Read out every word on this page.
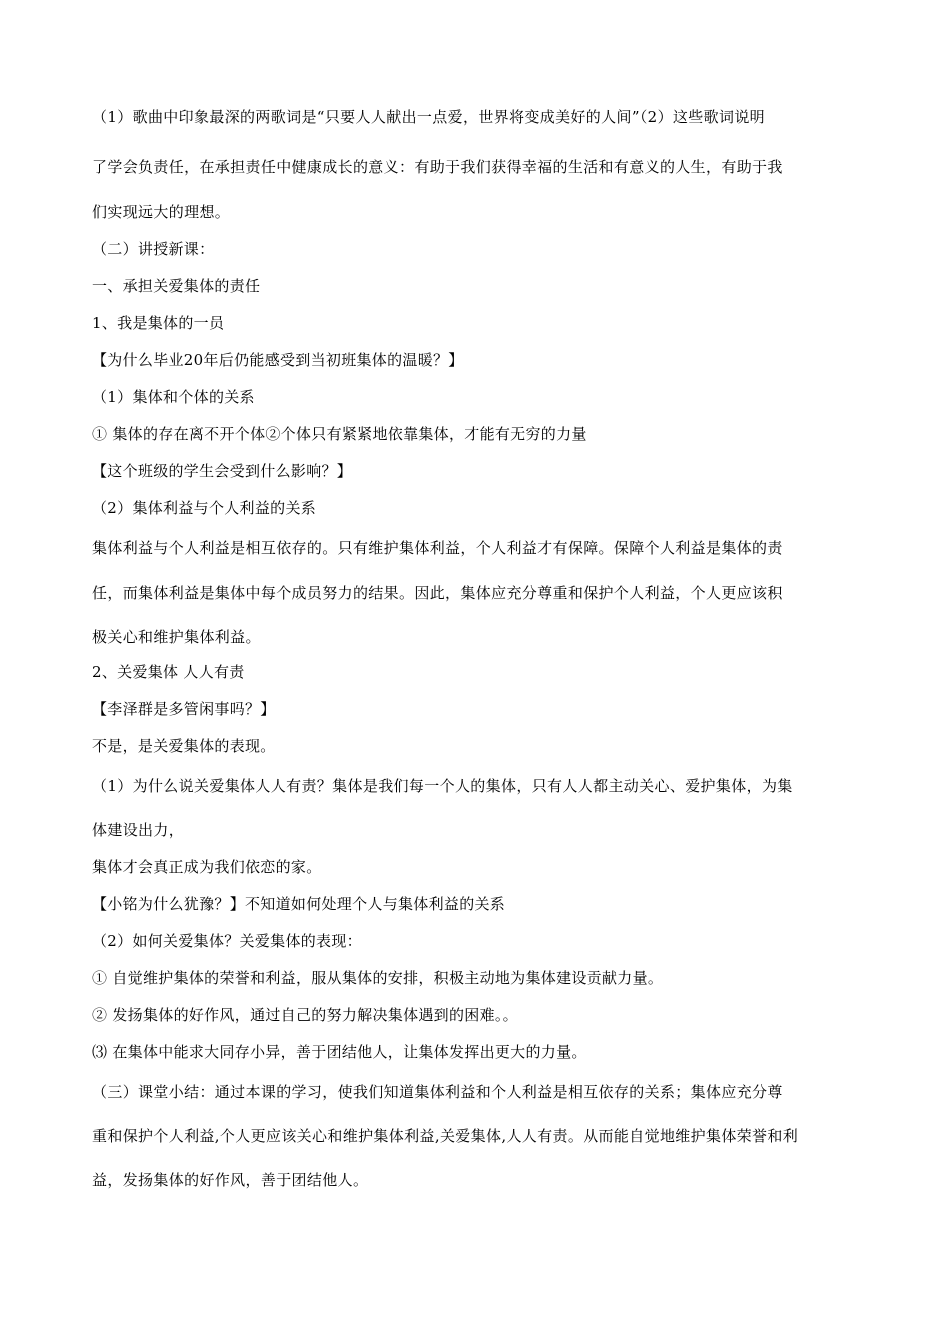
（1）歌曲中印象最深的两歌词是“只要人人献出一点爱，世界将变成美好的人间”（2）这些歌词说明
了学会负责任，在承担责任中健康成长的意义：有助于我们获得幸福的生活和有意义的人生，有助于我
们实现远大的理想。
（二）讲授新课：
一、承担关爱集体的责任
1、我是集体的一员
【为什么毕业20年后仍能感受到当初班集体的温暖？】
（1）集体和个体的关系
① 集体的存在离不开个体②个体只有紧紧地依靠集体，才能有无穷的力量
【这个班级的学生会受到什么影响？】
（2）集体利益与个人利益的关系
集体利益与个人利益是相互依存的。只有维护集体利益，个人利益才有保障。保障个人利益是集体的责
任，而集体利益是集体中每个成员努力的结果。因此，集体应充分尊重和保护个人利益，个人更应该积
极关心和维护集体利益。
2、关爱集体 人人有责
【李泽群是多管闲事吗？】
不是，是关爱集体的表现。
（1）为什么说关爱集体人人有责？集体是我们每一个人的集体，只有人人都主动关心、爱护集体，为集
体建设出力，
集体才会真正成为我们依恋的家。
【小铭为什么犹豫？】不知道如何处理个人与集体利益的关系
（2）如何关爱集体？关爱集体的表现：
① 自觉维护集体的荣誉和利益，服从集体的安排，积极主动地为集体建设贡献力量。
② 发扬集体的好作风，通过自己的努力解决集体遇到的困难。。
⑶ 在集体中能求大同存小异，善于团结他人，让集体发挥出更大的力量。
（三）课堂小结：通过本课的学习，使我们知道集体利益和个人利益是相互依存的关系；集体应充分尊
重和保护个人利益,个人更应该关心和维护集体利益,关爱集体,人人有责。从而能自觉地维护集体荣誉和利
益，发扬集体的好作风，善于团结他人。
